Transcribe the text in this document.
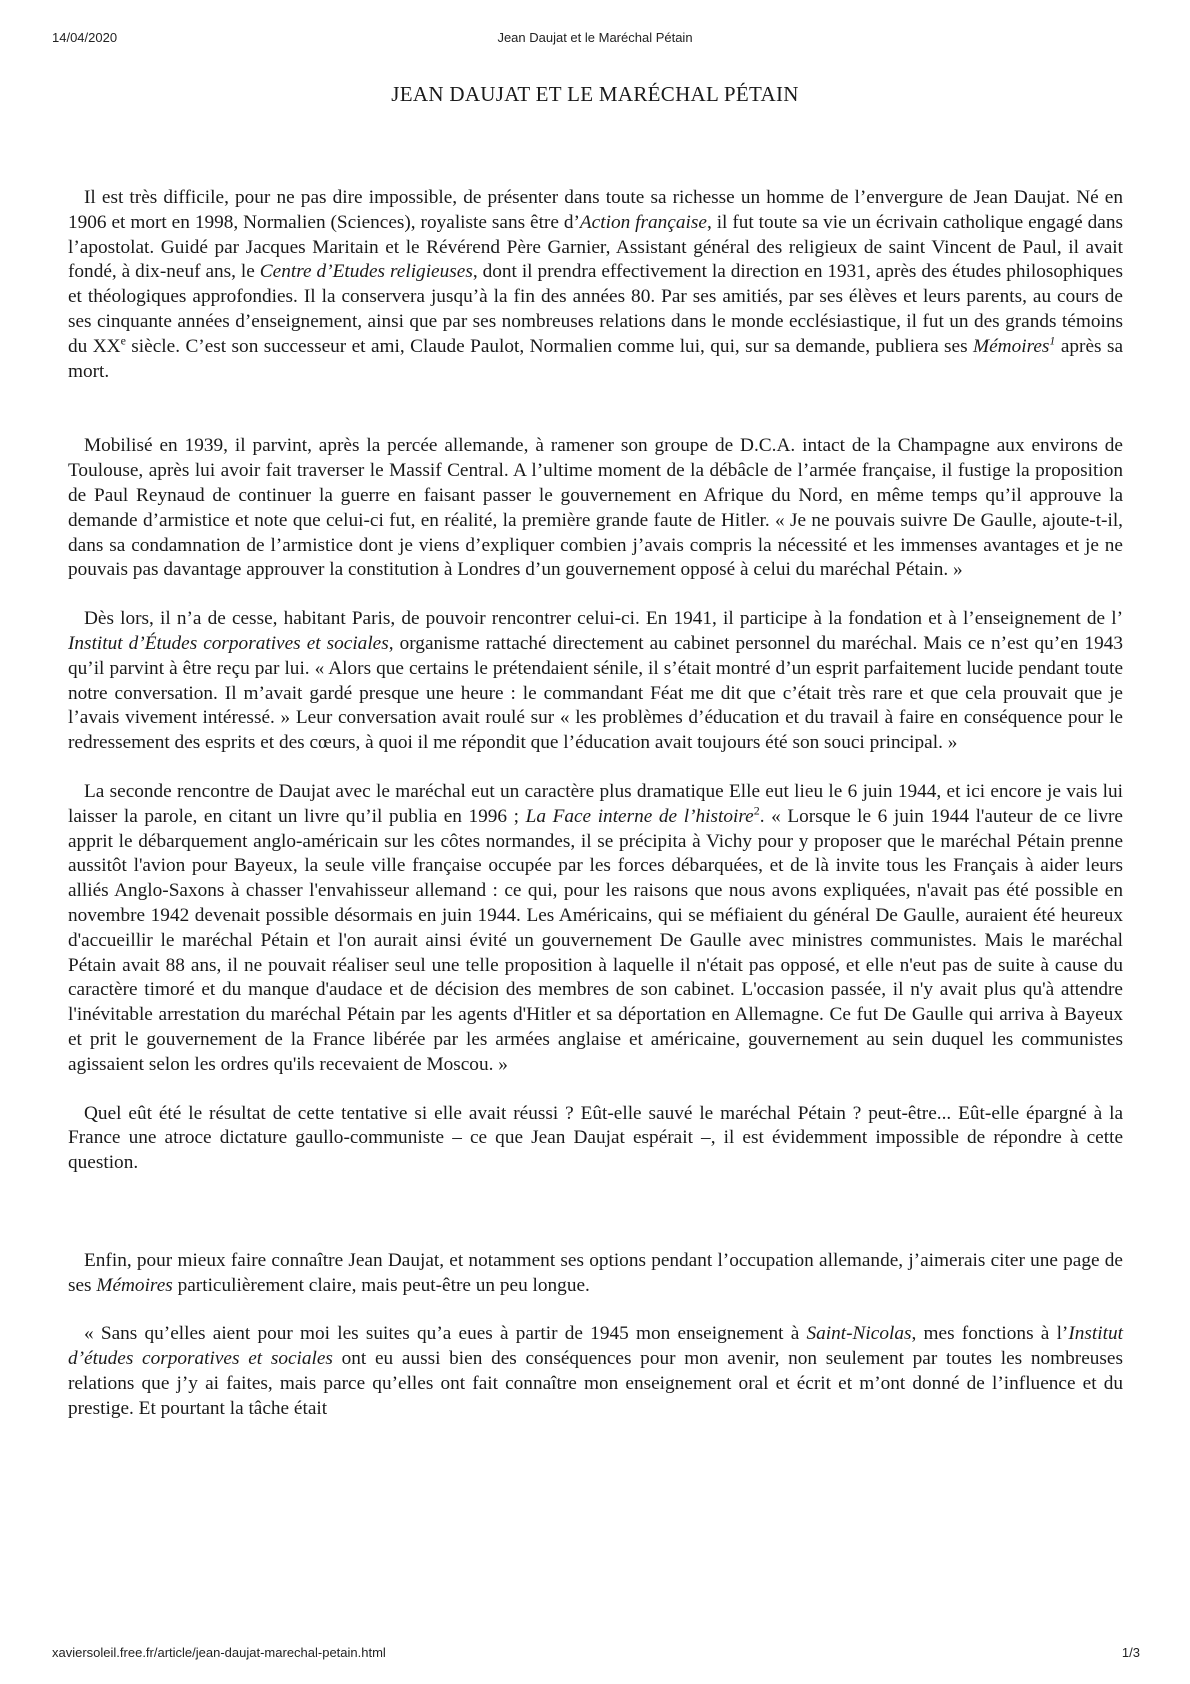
14/04/2020	Jean Daujat et le Maréchal Pétain
JEAN DAUJAT ET LE MARÉCHAL PÉTAIN

Il est très difficile, pour ne pas dire impossible, de présenter dans toute sa richesse un homme de l’envergure de Jean Daujat. Né en 1906 et mort en 1998, Normalien (Sciences), royaliste sans être d’Action française, il fut toute sa vie un écrivain catholique engagé dans l’apostolat. Guidé par Jacques Maritain et le Révérend Père Garnier, Assistant général des religieux de saint Vincent de Paul, il avait fondé, à dix-neuf ans, le Centre d’Etudes religieuses, dont il prendra effectivement la direction en 1931, après des études philosophiques et théologiques approfondies. Il la conservera jusqu’à la fin des années 80. Par ses amitiés, par ses élèves et leurs parents, au cours de ses cinquante années d’enseignement, ainsi que par ses nombreuses relations dans le monde ecclésiastique, il fut un des grands témoins du XXe siècle. C’est son successeur et ami, Claude Paulot, Normalien comme lui, qui, sur sa demande, publiera ses Mémoires$^1$ après sa mort.

Mobilisé en 1939, il parvint, après la percée allemande, à ramener son groupe de D.C.A. intact de la Champagne aux environs de Toulouse, après lui avoir fait traverser le Massif Central. A l’ultime moment de la débâcle de l’armée française, il fustige la proposition de Paul Reynaud de continuer la guerre en faisant passer le gouvernement en Afrique du Nord, en même temps qu’il approuve la demande d’armistice et note que celui-ci fut, en réalité, la première grande faute de Hitler. « Je ne pouvais suivre De Gaulle, ajoute-t-il, dans sa condamnation de l’armistice dont je viens d’expliquer combien j’avais compris la nécessité et les immenses avantages et je ne pouvais pas davantage approuver la constitution à Londres d’un gouvernement opposé à celui du maréchal Pétain. »

Dès lors, il n’a de cesse, habitant Paris, de pouvoir rencontrer celui-ci. En 1941, il participe à la fondation et à l’enseignement de l’ Institut d’Études corporatives et sociales, organisme rattaché directement au cabinet personnel du maréchal. Mais ce n’est qu’en 1943 qu’il parvint à être reçu par lui. « Alors que certains le prétendaient sénile, il s’était montré d’un esprit parfaitement lucide pendant toute notre conversation. Il m’avait gardé presque une heure : le commandant Féat me dit que c’était très rare et que cela prouvait que je l’avais vivement intéressé. » Leur conversation avait roulé sur « les problèmes d’éducation et du travail à faire en conséquence pour le redressement des esprits et des cœurs, à quoi il me répondit que l’éducation avait toujours été son souci principal. »

La seconde rencontre de Daujat avec le maréchal eut un caractère plus dramatique Elle eut lieu le 6 juin 1944, et ici encore je vais lui laisser la parole, en citant un livre qu’il publia en 1996 ; La Face interne de l’histoire$^2$. « Lorsque le 6 juin 1944 l'auteur de ce livre apprit le débarquement anglo-américain sur les côtes normandes, il se précipita à Vichy pour y proposer que le maréchal Pétain prenne aussitôt l'avion pour Bayeux, la seule ville française occupée par les forces débarquées, et de là invite tous les Français à aider leurs alliés Anglo-Saxons à chasser l'envahisseur allemand : ce qui, pour les raisons que nous avons expliquées, n'avait pas été possible en novembre 1942 devenait possible désormais en juin 1944. Les Américains, qui se méfiaient du général De Gaulle, auraient été heureux d'accueillir le maréchal Pétain et l'on aurait ainsi évité un gouvernement De Gaulle avec ministres communistes. Mais le maréchal Pétain avait 88 ans, il ne pouvait réaliser seul une telle proposition à laquelle il n'était pas opposé, et elle n'eut pas de suite à cause du caractère timoré et du manque d'audace et de décision des membres de son cabinet. L'occasion passée, il n'y avait plus qu'à attendre l'inévitable arrestation du maréchal Pétain par les agents d'Hitler et sa déportation en Allemagne. Ce fut De Gaulle qui arriva à Bayeux et prit le gouvernement de la France libérée par les armées anglaise et américaine, gouvernement au sein duquel les communistes agissaient selon les ordres qu'ils recevaient de Moscou. »

Quel eût été le résultat de cette tentative si elle avait réussi ? Eût-elle sauvé le maréchal Pétain ? peut-être... Eût-elle épargné à la France une atroce dictature gaullo-communiste – ce que Jean Daujat espérait –, il est évidemment impossible de répondre à cette question.

Enfin, pour mieux faire connaître Jean Daujat, et notamment ses options pendant l’occupation allemande, j’aimerais citer une page de ses Mémoires particulièrement claire, mais peut-être un peu longue.

« Sans qu’elles aient pour moi les suites qu’a eues à partir de 1945 mon enseignement à Saint-Nicolas, mes fonctions à l’Institut d’études corporatives et sociales ont eu aussi bien des conséquences pour mon avenir, non seulement par toutes les nombreuses relations que j’y ai faites, mais parce qu’elles ont fait connaître mon enseignement oral et écrit et m’ont donné de l’influence et du prestige. Et pourtant la tâche était

xaviersoleil.free.fr/article/jean-daujat-marechal-petain.html	1/3
